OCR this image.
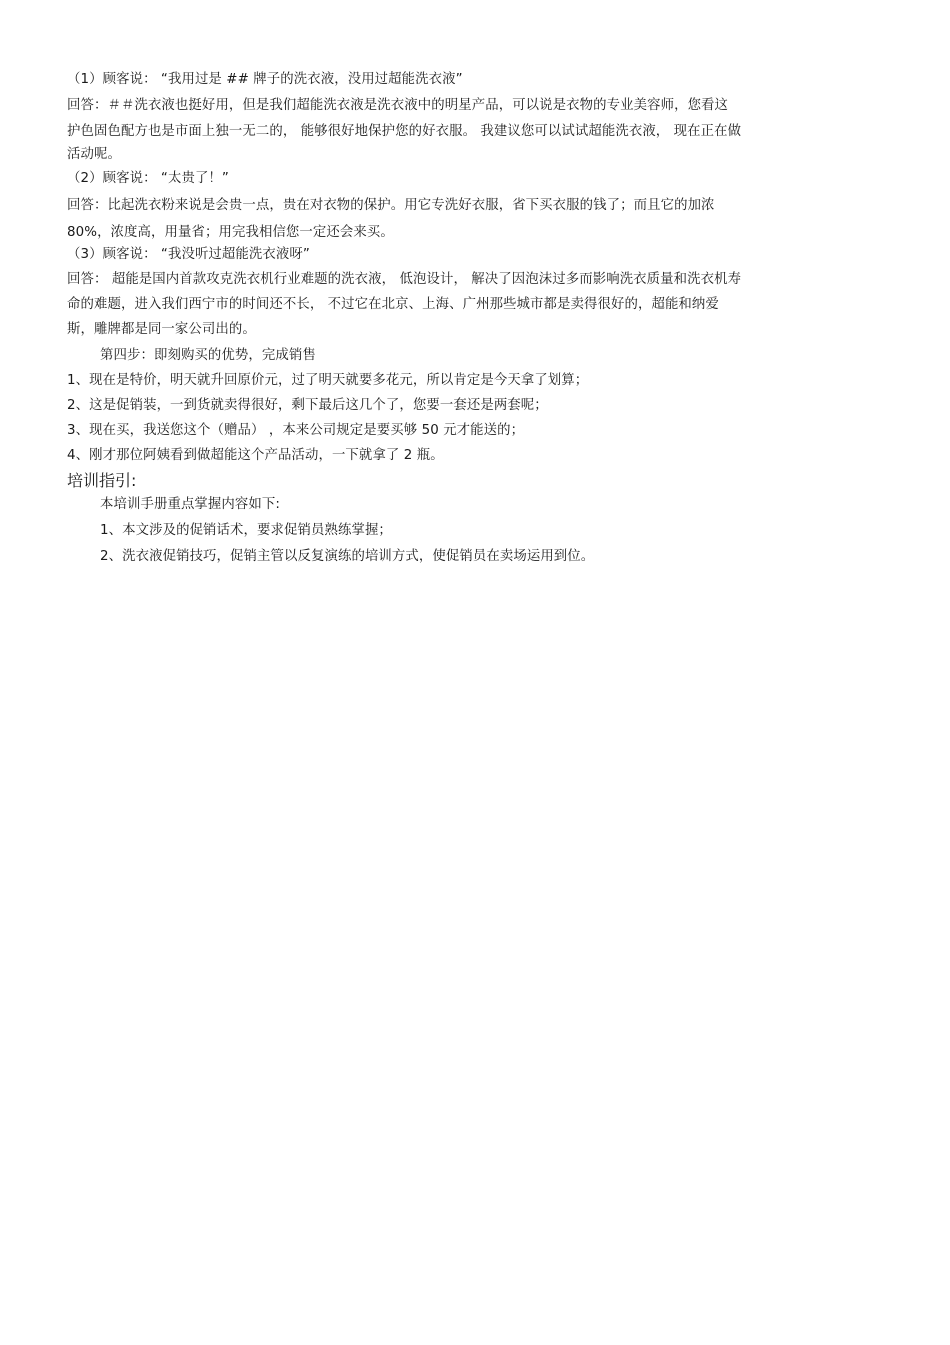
（1）顾客说： “我用过是 ## 牌子的洗衣液，没用过超能洗衣液”
回答：＃＃洗衣液也挺好用，但是我们超能洗衣液是洗衣液中的明星产品，可以说是衣物的专业美容师，您看这
护色固色配方也是市面上独一无二的， 能够很好地保护您的好衣服。 我建议您可以试试超能洗衣液， 现在正在做
活动呢。
（2）顾客说： “太贵了！”
回答：比起洗衣粉来说是会贵一点，贵在对衣物的保护。用它专洗好衣服，省下买衣服的钱了；而且它的加浓
80%，浓度高，用量省；用完我相信您一定还会来买。
（3）顾客说： “我没听过超能洗衣液呀”
回答： 超能是国内首款攻克洗衣机行业难题的洗衣液， 低泡设计， 解决了因泡沫过多而影响洗衣质量和洗衣机寿
命的难题，进入我们西宁市的时间还不长， 不过它在北京、上海、广州那些城市都是卖得很好的，超能和纳爱
斯，雕牌都是同一家公司出的。
第四步：即刻购买的优势，完成销售
1、现在是特价，明天就升回原价元，过了明天就要多花元，所以肯定是今天拿了划算；
2、这是促销装，一到货就卖得很好，剩下最后这几个了，您要一套还是两套呢；
3、现在买，我送您这个（赠品） ，本来公司规定是要买够 50 元才能送的；
4、刚才那位阿姨看到做超能这个产品活动，一下就拿了 2 瓶。
培训指引:
本培训手册重点掌握内容如下:
1、本文涉及的促销话术，要求促销员熟练掌握；
2、洗衣液促销技巧，促销主管以反复演练的培训方式，使促销员在卖场运用到位。
